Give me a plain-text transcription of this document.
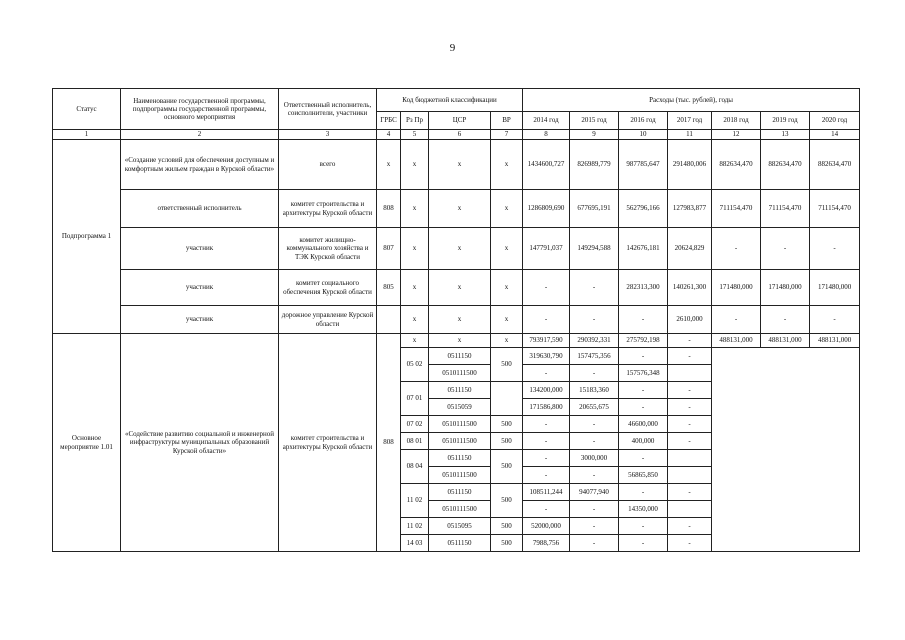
9
Статус	Наименование государственной программы, подпрограммы государственной программы, основного мероприятия	Ответственный исполнитель, соисполнители, участники	Код бюджетной классификации				Расходы (тыс. рублей), годы						
			ГРБС	Рз Пр	ЦСР	ВР	2014 год	2015 год	2016 год	2017 год	2018 год	2019 год	2020 год
1	2	3	4	5	6	7	8	9	10	11	12	13	14
Подпрограмма 1	«Создание условий для обеспечения доступным и комфортным жильем граждан в Курской области»	всего	х	х	х	х	1434600,727	826989,779	987785,647	291480,006	882634,470	882634,470	882634,470
	ответственный исполнитель	комитет строительства и архитектуры Курской области	808	х	х	х	1286809,690	677695,191	562796,166	127983,877	711154,470	711154,470	711154,470
	участник	комитет жилищно-коммунального хозяйства и ТЭК Курской области	807	х	х	х	147791,037	149294,588	142676,181	20624,829	-	-	-
	участник	комитет социального обеспечения Курской области	805	х	х	х	-	-	282313,300	140261,300	171480,000	171480,000	171480,000
	участник	дорожное управление Курской области		х	х	х	-	-	-	2610,000	-	-	-
Основное мероприятие 1.01	«Содействие развитию социальной и инженерной инфраструктуры муниципальных образований Курской области»	комитет строительства и архитектуры Курской области	808	х	х	х	793917,590	290392,331	275792,198	-	488131,000	488131,000	488131,000
				05 02	0511150	500	319630,790	157475,356	-	-			
					0510111500		-	-	157576,348				
				07 01	0511150		134200,000	15183,360	-	-			
					0515059		171586,800	20655,675	-	-			
				07 02	0510111500	500	-	-	46600,000	-			
				08 01	0510111500	500	-	-	400,000	-			
				08 04	0511150	500	-	3000,000	-				
					0510111500		-	-	56865,850				
				11 02	0511150	500	108511,244	94077,940	-	-			
					0510111500		-	-	14350,000				
				11 02	0515095	500	52000,000	-	-	-			
				14 03	0511150	500	7988,756	-	-	-			
